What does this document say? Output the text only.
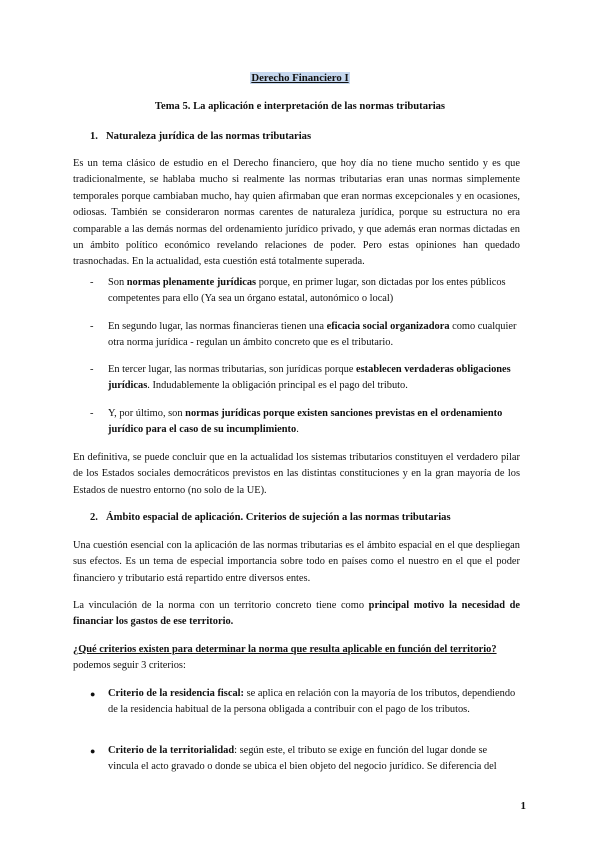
Derecho Financiero I
Tema 5. La aplicación e interpretación de las normas tributarias
1. Naturaleza jurídica de las normas tributarias

Es un tema clásico de estudio en el Derecho financiero, que hoy día no tiene mucho sentido y es que tradicionalmente, se hablaba mucho si realmente las normas tributarias eran unas normas simplemente temporales porque cambiaban mucho, hay quien afirmaban que eran normas excepcionales y en ocasiones, odiosas. También se consideraron normas carentes de naturaleza jurídica, porque su estructura no era comparable a las demás normas del ordenamiento jurídico privado, y que además eran normas dictadas en un ámbito político económico revelando relaciones de poder. Pero estas opiniones han quedado trasnochadas. En la actualidad, esta cuestión está totalmente superada.

- Son normas plenamente jurídicas porque, en primer lugar, son dictadas por los entes públicos competentes para ello (Ya sea un órgano estatal, autonómico o local)
- En segundo lugar, las normas financieras tienen una eficacia social organizadora como cualquier otra norma jurídica - regulan un ámbito concreto que es el tributario.
- En tercer lugar, las normas tributarias, son jurídicas porque establecen verdaderas obligaciones jurídicas. Indudablemente la obligación principal es el pago del tributo.
- Y, por último, son normas jurídicas porque existen sanciones previstas en el ordenamiento jurídico para el caso de su incumplimiento.

En definitiva, se puede concluir que en la actualidad los sistemas tributarios constituyen el verdadero pilar de los Estados sociales democráticos previstos en las distintas constituciones y en la gran mayoría de los Estados de nuestro entorno (no solo de la UE).

2. Ámbito espacial de aplicación. Criterios de sujeción a las normas tributarias

Una cuestión esencial con la aplicación de las normas tributarias es el ámbito espacial en el que despliegan sus efectos. Es un tema de especial importancia sobre todo en países como el nuestro en el que el poder financiero y tributario está repartido entre diversos entes.

La vinculación de la norma con un territorio concreto tiene como principal motivo la necesidad de financiar los gastos de ese territorio.

¿Qué criterios existen para determinar la norma que resulta aplicable en función del territorio?

podemos seguir 3 criterios:

● Criterio de la residencia fiscal: se aplica en relación con la mayoría de los tributos, dependiendo de la residencia habitual de la persona obligada a contribuir con el pago de los tributos.
● Criterio de la territorialidad: según este, el tributo se exige en función del lugar donde se vincula el acto gravado o donde se ubica el bien objeto del negocio jurídico. Se diferencia del
1
